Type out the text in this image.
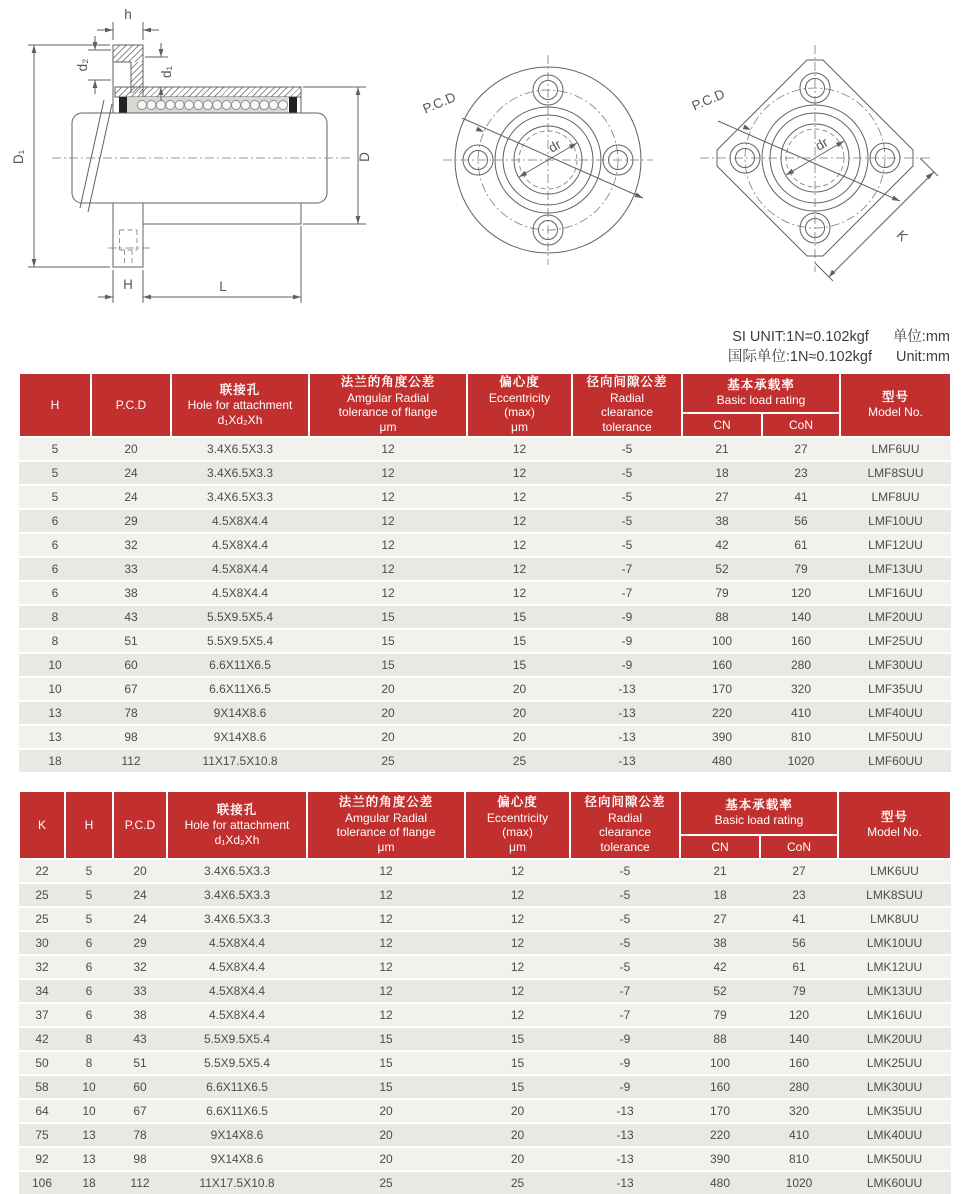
h
d₂
d₁
D₁	D
H	L
P.C.D
dr
P.C.D
dr
K
SI UNIT:1N=0.102kgf 单位:mm
国际单位:1N≈0.102kgf Unit:mm
H	P.C.D

联接孔
Hole for attachment
d₁Xd₂Xh

法兰的角度公差
Amgular Radial
tolerance of flange
μm

偏心度
Eccentricity
(max)
μm

径向间隙公差
Radial
clearance
tolerance

基本承载率
Basic load rating	型号
Model No.

						CN	CoN	

5	20	3.4X6.5X3.3	12	12	-5	21	27	LMF6UU
5	24	3.4X6.5X3.3	12	12	-5	18	23	LMF8SUU
5	24	3.4X6.5X3.3	12	12	-5	27	41	LMF8UU
6	29	4.5X8X4.4	12	12	-5	38	56	LMF10UU
6	32	4.5X8X4.4	12	12	-5	42	61	LMF12UU
6	33	4.5X8X4.4	12	12	-7	52	79	LMF13UU
6	38	4.5X8X4.4	12	12	-7	79	120	LMF16UU
8	43	5.5X9.5X5.4	15	15	-9	88	140	LMF20UU
8	51	5.5X9.5X5.4	15	15	-9	100	160	LMF25UU
10	60	6.6X11X6.5	15	15	-9	160	280	LMF30UU
10	67	6.6X11X6.5	20	20	-13	170	320	LMF35UU
13	78	9X14X8.6	20	20	-13	220	410	LMF40UU
13	98	9X14X8.6	20	20	-13	390	810	LMF50UU
18	112	11X17.5X10.8	25	25	-13	480	1020	LMF60UU
K	H	P.C.D

联接孔
Hole for attachment
d₁Xd₂Xh

法兰的角度公差
Amgular Radial
tolerance of flange
μm

偏心度
Eccentricity
(max)
μm

径向间隙公差
Radial
clearance
tolerance

基本承载率
Basic load rating	型号
Model No.

							CN	CoN	

22	5	20	3.4X6.5X3.3	12	12	-5	21	27	LMK6UU
25	5	24	3.4X6.5X3.3	12	12	-5	18	23	LMK8SUU
25	5	24	3.4X6.5X3.3	12	12	-5	27	41	LMK8UU
30	6	29	4.5X8X4.4	12	12	-5	38	56	LMK10UU
32	6	32	4.5X8X4.4	12	12	-5	42	61	LMK12UU
34	6	33	4.5X8X4.4	12	12	-7	52	79	LMK13UU
37	6	38	4.5X8X4.4	12	12	-7	79	120	LMK16UU
42	8	43	5.5X9.5X5.4	15	15	-9	88	140	LMK20UU
50	8	51	5.5X9.5X5.4	15	15	-9	100	160	LMK25UU
58	10	60	6.6X11X6.5	15	15	-9	160	280	LMK30UU
64	10	67	6.6X11X6.5	20	20	-13	170	320	LMK35UU
75	13	78	9X14X8.6	20	20	-13	220	410	LMK40UU
92	13	98	9X14X8.6	20	20	-13	390	810	LMK50UU
106	18	112	11X17.5X10.8	25	25	-13	480	1020	LMK60UU
